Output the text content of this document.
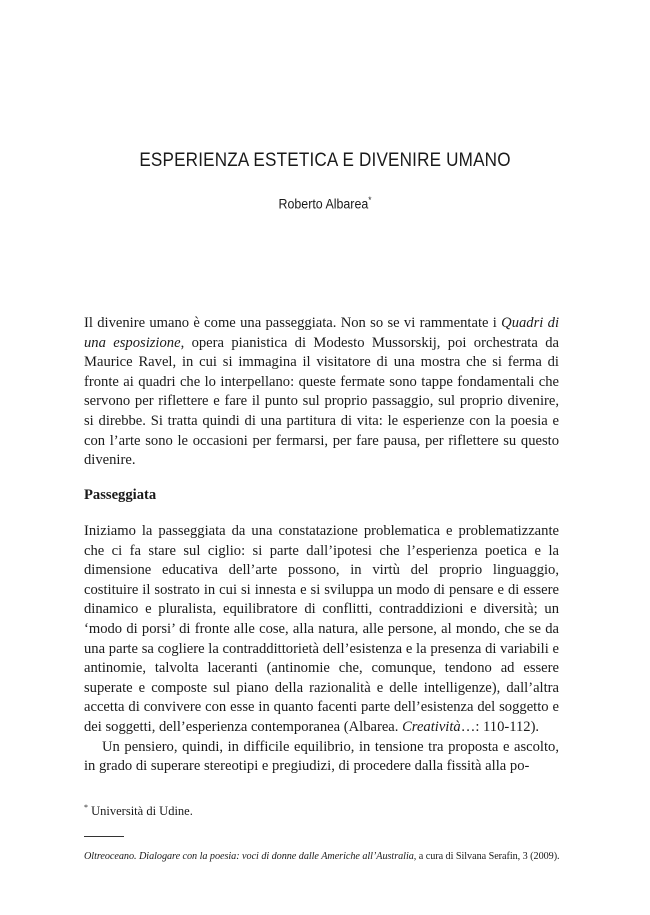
ESPERIENZA ESTETICA E DIVENIRE UMANO
Roberto Albarea*
Il divenire umano è come una passeggiata. Non so se vi rammentate i Quadri di una esposizione, opera pianistica di Modesto Mussorskij, poi orchestrata da Maurice Ravel, in cui si immagina il visitatore di una mostra che si ferma di fronte ai quadri che lo interpellano: queste fermate sono tappe fondamentali che servono per riflettere e fare il punto sul proprio passaggio, sul proprio divenire, si direbbe. Si tratta quindi di una partitura di vita: le esperienze con la poesia e con l’arte sono le occasioni per fermarsi, per fare pausa, per riflettere su questo divenire.
Passeggiata

Iniziamo la passeggiata da una constatazione problematica e problematizzante che ci fa stare sul ciglio: si parte dall’ipotesi che l’esperienza poetica e la dimensione educativa dell’arte possono, in virtù del proprio linguaggio, costituire il sostrato in cui si innesta e si sviluppa un modo di pensare e di essere dinamico e pluralista, equilibratore di conflitti, contraddizioni e diversità; un ‘modo di porsi’ di fronte alle cose, alla natura, alle persone, al mondo, che se da una parte sa cogliere la contraddittorietà dell’esistenza e la presenza di variabili e antinomie, talvolta laceranti (antinomie che, comunque, tendono ad essere superate e composte sul piano della razionalità e delle intelligenze), dall’altra accetta di convivere con esse in quanto facenti parte dell’esistenza del soggetto e dei soggetti, dell’esperienza contemporanea (Albarea. Creatività…: 110-112).

Un pensiero, quindi, in difficile equilibrio, in tensione tra proposta e ascolto, in grado di superare stereotipi e pregiudizi, di procedere dalla fissità alla po-

* Università di Udine.
Oltreoceano. Dialogare con la poesia: voci di donne dalle Americhe all’Australia, a cura di Silvana Serafin, 3 (2009).
